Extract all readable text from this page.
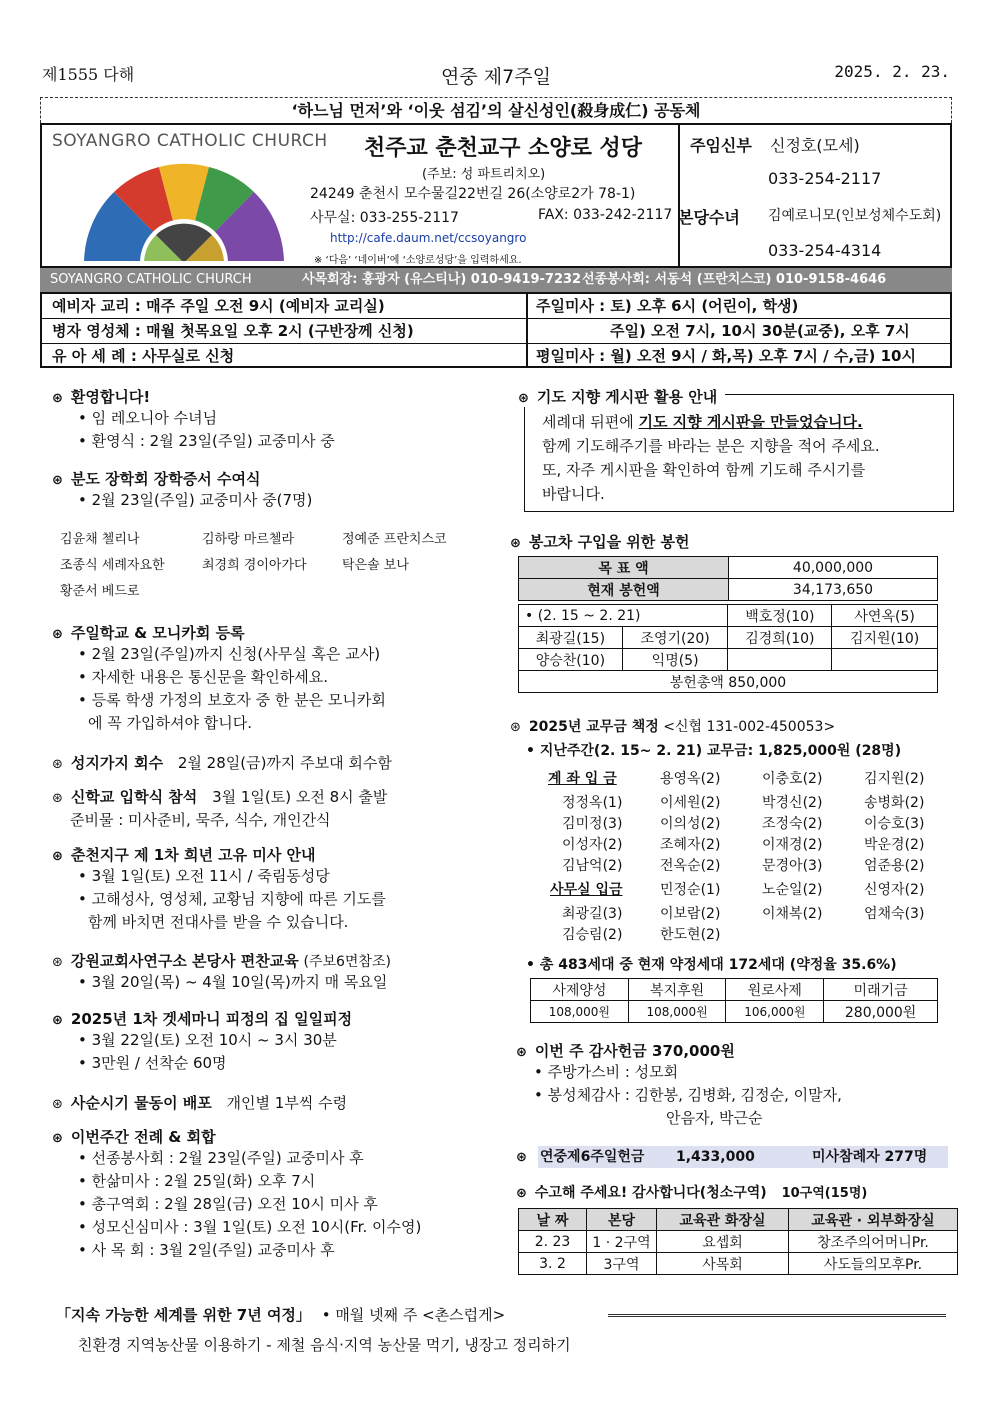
제1555 다해	연중 제7주일	2025. 2. 23.
‘하느님 먼저’와 ‘이웃 섬김’의 살신성인(殺身成仁) 공동체
SOYANGRO CATHOLIC CHURCH 천주교 춘천교구 소양로 성당
(주보: 성 파트리치오)
24249 춘천시 모수물길22번길 26(소양로2가 78-1)
사무실: 033-255-2117	FAX: 033-242-2117
http://cafe.daum.net/ccsoyangro
※ ‘다음’ ‘네이버’에 ‘소양로성당’을 입력하세요.
주임신부 신정호(모세)
033-254-2117
본당수녀 김예로니모(인보성체수도회)
033-254-4314
SOYANGRO CATHOLIC CHURCH	사목회장: 홍광자 (유스티나) 010-9419-7232 선종봉사회: 서동석 (프란치스코) 010-9158-4646
예비자 교리 : 매주 주일 오전 9시 (예비자 교리실)	주일미사 : 토) 오후 6시 (어린이, 학생)
병자 영성체 : 매월 첫목요일 오후 2시 (구반장께 신청)	주일) 오전 7시, 10시 30분(교중), 오후 7시
유 아 세 례 : 사무실로 신청	평일미사 : 월) 오전 9시 / 화,목) 오후 7시 / 수,금) 10시
⊛ 환영합니다!
• 임 레오니아 수녀님
• 환영식 : 2월 23일(주일) 교중미사 중
⊛ 분도 장학회 장학증서 수여식
• 2월 23일(주일) 교중미사 중(7명)
김윤채 첼리나	김하랑 마르첼라	정예준 프란치스코
조종식 세례자요한	최경희 경이아가다	탁은솔 보나
황준서 베드로
⊛ 주일학교 & 모니카회 등록
• 2월 23일(주일)까지 신청(사무실 혹은 교사)
• 자세한 내용은 통신문을 확인하세요.
• 등록 학생 가정의 보호자 중 한 분은 모니카회
에 꼭 가입하셔야 합니다.
⊛ 성지가지 회수 2월 28일(금)까지 주보대 회수함
⊛ 신학교 입학식 참석 3월 1일(토) 오전 8시 출발
준비물 : 미사준비, 묵주, 식수, 개인간식
⊛ 춘천지구 제 1차 희년 고유 미사 안내
• 3월 1일(토) 오전 11시 / 죽림동성당
• 고해성사, 영성체, 교황님 지향에 따른 기도를
함께 바치면 전대사를 받을 수 있습니다.
⊛ 강원교회사연구소 본당사 편찬교육 (주보6면참조)
• 3월 20일(목) ~ 4월 10일(목)까지 매 목요일
⊛ 2025년 1차 겟세마니 피정의 집 일일피정
• 3월 22일(토) 오전 10시 ~ 3시 30분
• 3만원 / 선착순 60명
⊛ 사순시기 물동이 배포 개인별 1부씩 수령
⊛ 이번주간 전례 & 회합
• 선종봉사회 : 2월 23일(주일) 교중미사 후
• 한삶미사 : 2월 25일(화) 오후 7시
• 총구역회 : 2월 28일(금) 오전 10시 미사 후
• 성모신심미사 : 3월 1일(토) 오전 10시(Fr. 이수영)
• 사 목 회 : 3월 2일(주일) 교중미사 후
⊛ 기도 지향 게시판 활용 안내
세례대 뒤편에 기도 지향 게시판을 만들었습니다.
함께 기도해주기를 바라는 분은 지향을 적어 주세요.
또, 자주 게시판을 확인하여 함께 기도해 주시기를
바랍니다.
⊛ 봉고차 구입을 위한 봉헌
목 표 액	40,000,000
현재 봉헌액	34,173,650
• (2. 15 ~ 2. 21)		백호정(10)	사연옥(5)
최광길(15)	조영기(20)	김경희(10)	김지원(10)
양승찬(10)	익명(5)		
봉헌총액 850,000			
⊛ 2025년 교무금 책정 <신협 131-002-450053>
• 지난주간(2. 15~ 2. 21) 교무금: 1,825,000원 (28명)
계 좌 입 금	용영옥(2)	이충호(2)	김지원(2)
정정옥(1)	이세원(2)	박경신(2)	송병화(2)
김미정(3)	이의성(2)	조정숙(2)	이승호(3)
이성자(2)	조혜자(2)	이재경(2)	박운경(2)
김남억(2)	전옥순(2)	문경아(3)	엄준용(2)
사무실 입금	민정순(1)	노순일(2)	신영자(2)
최광길(3)	이보람(2)	이채복(2)	엄채숙(3)
김승림(2)	한도현(2)
• 총 483세대 중 현재 약정세대 172세대 (약정율 35.6%)
사제양성	복지후원	원로사제	미래기금
108,000원	108,000원	106,000원	280,000원
⊛ 이번 주 감사헌금 370,000원
• 주방가스비 : 성모회
• 봉성체감사 : 김한봉, 김병화, 김정순, 이말자,
안음자, 박근순
⊛ 연중제6주일헌금 1,433,000	미사참례자 277명
⊛ 수고해 주세요! 감사합니다(청소구역) 10구역(15명)
날 짜	본당	교육관 화장실	교육관 · 외부화장실
2. 23	1 · 2구역	요셉회	창조주의어머니Pr.
3. 2	3구역	사목회	사도들의모후Pr.
「지속 가능한 세계를 위한 7년 여정」 • 매월 넷째 주 <촌스럽게>
친환경 지역농산물 이용하기 - 제철 음식·지역 농산물 먹기, 냉장고 정리하기
